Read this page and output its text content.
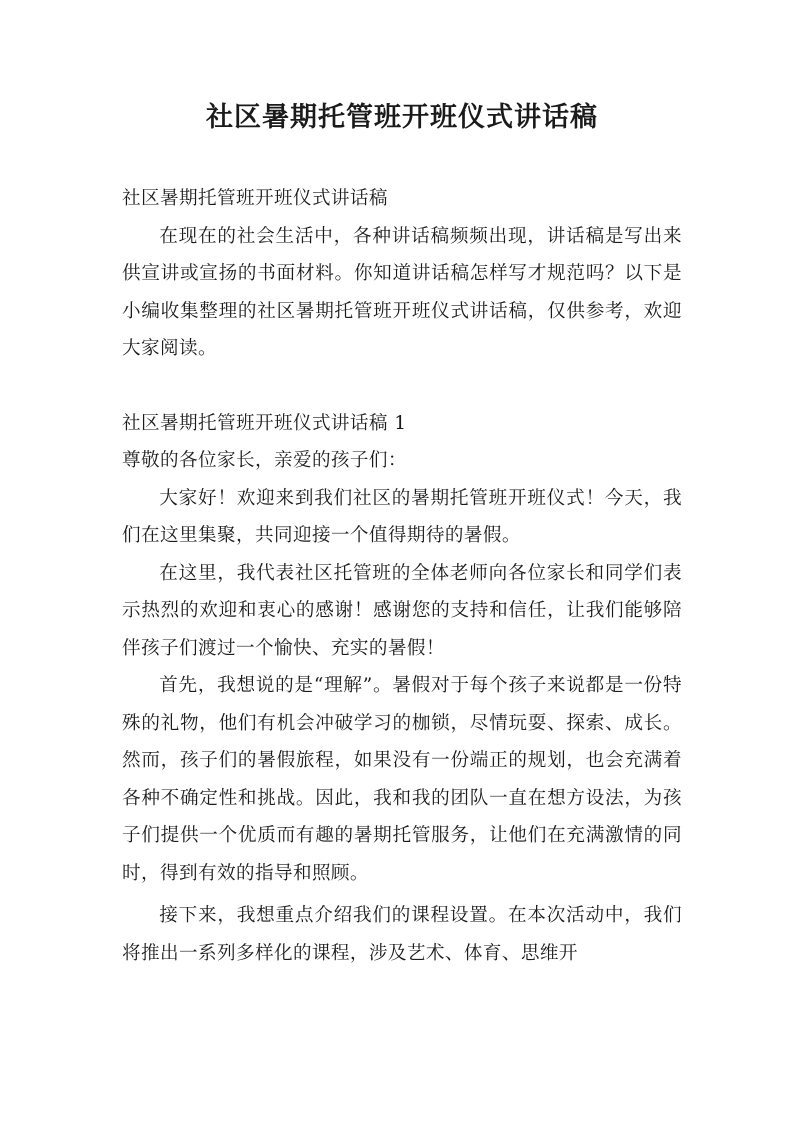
社区暑期托管班开班仪式讲话稿

社区暑期托管班开班仪式讲话稿

在现在的社会生活中，各种讲话稿频频出现，讲话稿是写出来供宣讲或宣扬的书面材料。你知道讲话稿怎样写才规范吗？以下是小编收集整理的社区暑期托管班开班仪式讲话稿，仅供参考，欢迎大家阅读。

社区暑期托管班开班仪式讲话稿 1

尊敬的各位家长，亲爱的孩子们：

大家好！欢迎来到我们社区的暑期托管班开班仪式！今天，我们在这里集聚，共同迎接一个值得期待的暑假。

在这里，我代表社区托管班的全体老师向各位家长和同学们表示热烈的欢迎和衷心的感谢！感谢您的支持和信任，让我们能够陪伴孩子们渡过一个愉快、充实的暑假！

首先，我想说的是“理解”。暑假对于每个孩子来说都是一份特殊的礼物，他们有机会冲破学习的枷锁，尽情玩耍、探索、成长。然而，孩子们的暑假旅程，如果没有一份端正的规划，也会充满着各种不确定性和挑战。因此，我和我的团队一直在想方设法，为孩子们提供一个优质而有趣的暑期托管服务，让他们在充满激情的同时，得到有效的指导和照顾。

接下来，我想重点介绍我们的课程设置。在本次活动中，我们将推出一系列多样化的课程，涉及艺术、体育、思维开
